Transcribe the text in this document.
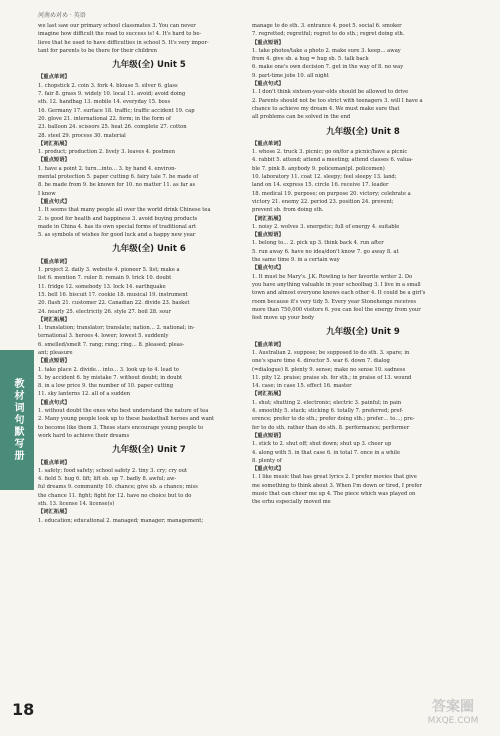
河南め对め · 英语
we last saw our primary school classmates 3. You can never
imagine how difficult the road to success is! 4. It's hard to be-
lieve that he used to have difficulties in school 5. It's very impor-
tant for parents to be there for their children
九年级(全) Unit 5
【重点单词】
1. chopstick 2. coin 3. fork 4. blouse 5. silver 6. glass
7. fair 8. grass 9. widely 10. local 11. avoid; avoid doing
sth. 12. handbag 13. mobile 14. everyday 15. boss
16. Germany 17. surface 18. traffic; traffic accident 19. cap
20. glove 21. international 22. form; in the form of
23. balloon 24. scissors 25. heat 26. complete 27. cotton
28. steel 29. process 30. material
【词汇拓展】
1. product; production 2. lively 3. leaves 4. postmen
【重点短语】
1. have a point 2. turn…into… 3. by hand 4. environ-
mental protection 5. paper cutting 6. fairy tale 7. be made of
8. be made from 9. be known for 10. no matter 11. as far as
I know
【重点句式】
1. It seems that many people all over the world drink Chinese tea
2. is good for health and happiness 3. avoid buying products
made in China 4. has its own special forms of traditional art
5. as symbols of wishes for good luck and a happy new year
九年级(全) Unit 6
【重点单词】
1. project 2. daily 3. website 4. pioneer 5. list; make a
list 6. mention 7. ruler 8. remain 9. trick 10. doubt
11. fridge 12. somebody 13. lock 14. earthquake
15. bell 16. biscuit 17. cookie 18. musical 19. instrument
20. flash 21. customer 22. Canadian 22. divide 23. basket
24. nearly 25. electricity 26. style 27. boil 28. sour
【词汇拓展】
1. translation; translator; translate; nation… 2. national; in-
ternational 3. heroes 4. lower; lowest 5. suddenly
6. smelled/smelt 7. rang; rung; ring… 8. pleased; pleas-
ant; pleasure
【重点短语】
1. take place 2. divide… into… 3. look up to 4. lead to
5. by accident 6. by mistake 7. without doubt; in doubt
8. in a low price 9. the number of 10. paper cutting
11. sky lanterns 12. all of a sudden
【重点句式】
1. without doubt the ones who best understand the nature of tea
2. Many young people look up to these basketball heroes and want
to become like them 3. These stars encourage young people to
work hard to achieve their dreams
九年级(全) Unit 7
【重点单词】
1. safety; food safety; school safety 2. tiny 3. cry; cry out
4. field 5. hug 6. lift; lift sb. up 7. badly 8. awful; aw-
ful dreams 9. community 10. chance; give sb. a chance; miss
the chance 11. fight; fight for 12. have no choice but to do
sth. 13. license 14. license(s)
【词汇拓展】
1. education; educational 2. managed; manager; management;
manage to do sth. 3. entrance 4. poet 5. social 6. smoker
7. regretted; regretful; regret to do sth.; regret doing sth.
【重点短语】
1. take photos/take a photo 2. make sure 3. keep… away
from 4. give sb. a hug = hug sb. 5. talk back
6. make one's own decision 7. get in the way of 8. no way
9. part-time jobs 10. all night
【重点句式】
1. I don't think sixteen-year-olds should be allowed to drive
2. Parents should not be too strict with teenagers 3. will I have a
chance to achieve my dream 4. We must make sure that
all problems can be solved in the end
九年级(全) Unit 8
【重点单词】
1. whose 2. truck 3. picnic; go on/for a picnic/have a picnic
4. rabbit 5. attend; attend a meeting; attend classes 6. valua-
ble 7. pink 8. anybody 9. policeman(pl. policemen)
10. laboratory 11. coat 12. sleepy; feel sleepy 13. land;
land on 14. express 15. circle 16. receive 17. leader
18. medical 19. purpose; on purpose 20. victory; celebrate a
victory 21. enemy 22. period 23. position 24. prevent;
prevent sb. from doing sth.
【词汇拓展】
1. noisy 2. wolves 3. energetic; full of energy 4. suitable
【重点短语】
1. belong to… 2. pick up 3. think back 4. run after
5. run away 6. have no idea/don't know 7. go away 8. at
the same time 9. in a certain way
【重点句式】
1. It must be Mary's. J.K. Rowling is her favorite writer 2. Do
you have anything valuable in your schoolbag 3. I live in a small
town and almost everyone knows each other 4. It could be a girl's
room because it's very tidy 5. Every year Stonehenge receives
more than 750,000 visitors 6. you can feel the energy from your
feet move up your body
九年级(全) Unit 9
【重点单词】
1. Australian 2. suppose; be supposed to do sth. 3. spare; in
one's spare time 4. director 5. war 6. down 7. dialog
(=dialogue) 8. plenty 9. sense; make no sense 10. sadness
11. pity 12. praise; praise sb. for sth.; in praise of 13. wound
14. case; in case 15. effect 16. master
【词汇拓展】
1. shut; shutting 2. electronic; electric 3. painful; in pain
4. smoothly 5. stuck; sticking 6. totally 7. preferred; pref-
erence; prefer to do sth.; prefer doing sth.; prefer… to…; pre-
fer to do sth. rather than do sth. 8. performance; performer
【重点短语】
1. stick to 2. shut off; shut down; shut up 3. cheer up
4. along with 5. in that case 6. in total 7. once in a while
8. plenty of
【重点句式】
1. I like music that has great lyrics 2. I prefer movies that give
me something to think about 3. When I'm down or tired, I prefer
music that can cheer me up 4. The piece which was played on
the erhu especially moved me
教材词句默写册
18	答案圈
MXQE.COM
